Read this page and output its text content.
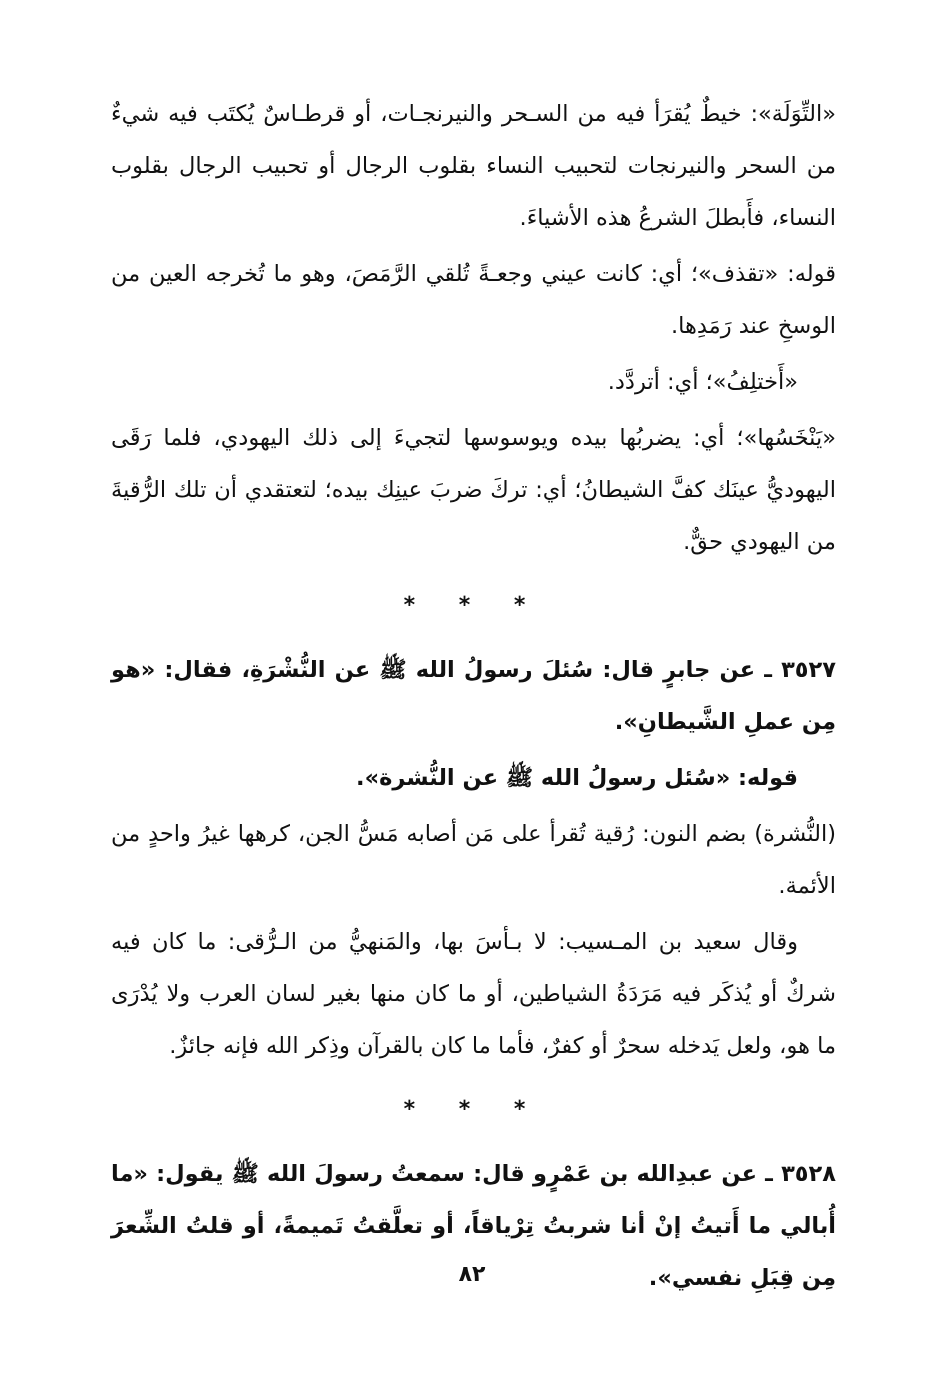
«التِّوَلَة»: خيطٌ يُقرَأ فيه من السـحر والنيرنجـات، أو قرطـاسٌ يُكتَب فيه شيءٌ من السحر والنيرنجات لتحبيب النساء بقلوب الرجال أو تحبيب الرجال بقلوب النساء، فأَبطلَ الشرعُ هذه الأشياءَ.

قوله: «تقذف»؛ أي: كانت عيني وجعـةً تُلقي الرَّمَصَ، وهو ما تُخرجه العين من الوسخِ عند رَمَدِها.

«أَختلِفُ»؛ أي: أتردَّد.

«يَنْخَسُها»؛ أي: يضربُها بيده ويوسوسها لتجيءَ إلى ذلك اليهودي، فلما رَقَى اليهوديُّ عينَك كفَّ الشيطانُ؛ أي: تركَ ضربَ عينِك بيده؛ لتعتقدي أن تلك الرُّقيةَ من اليهودي حقٌّ.

* * *

٣٥٢٧ ـ عن جابرٍ قال: سُئلَ رسولُ الله ﷺ عن النُّشْرَةِ، فقال: «هو مِن عملِ الشَّيطانِ».

قوله: «سُئل رسولُ الله ﷺ عن النُّشرة».

(النُّشرة) بضم النون: رُقية تُقرأ على مَن أصابه مَسُّ الجن، كرهها غيرُ واحدٍ من الأئمة.

وقال سعيد بن المـسيب: لا بـأسَ بها، والمَنهيُّ من الـرُّقى: ما كان فيه شركٌ أو يُذكَر فيه مَرَدَةُ الشياطين، أو ما كان منها بغير لسان العرب ولا يُدْرَى ما هو، ولعل يَدخله سحرٌ أو كفرٌ، فأما ما كان بالقرآن وذِكر الله فإنه جائزٌ.

* * *

٣٥٢٨ ـ عن عبدِالله بن عَمْرٍو قال: سمعتُ رسولَ الله ﷺ يقول: «ما أُبالي ما أَتيتُ إنْ أنا شربتُ تِرْياقاً، أو تعلَّقتُ تَميمةً، أو قلتُ الشِّعرَ مِن قِبَلِ نفسي».

٨٢
